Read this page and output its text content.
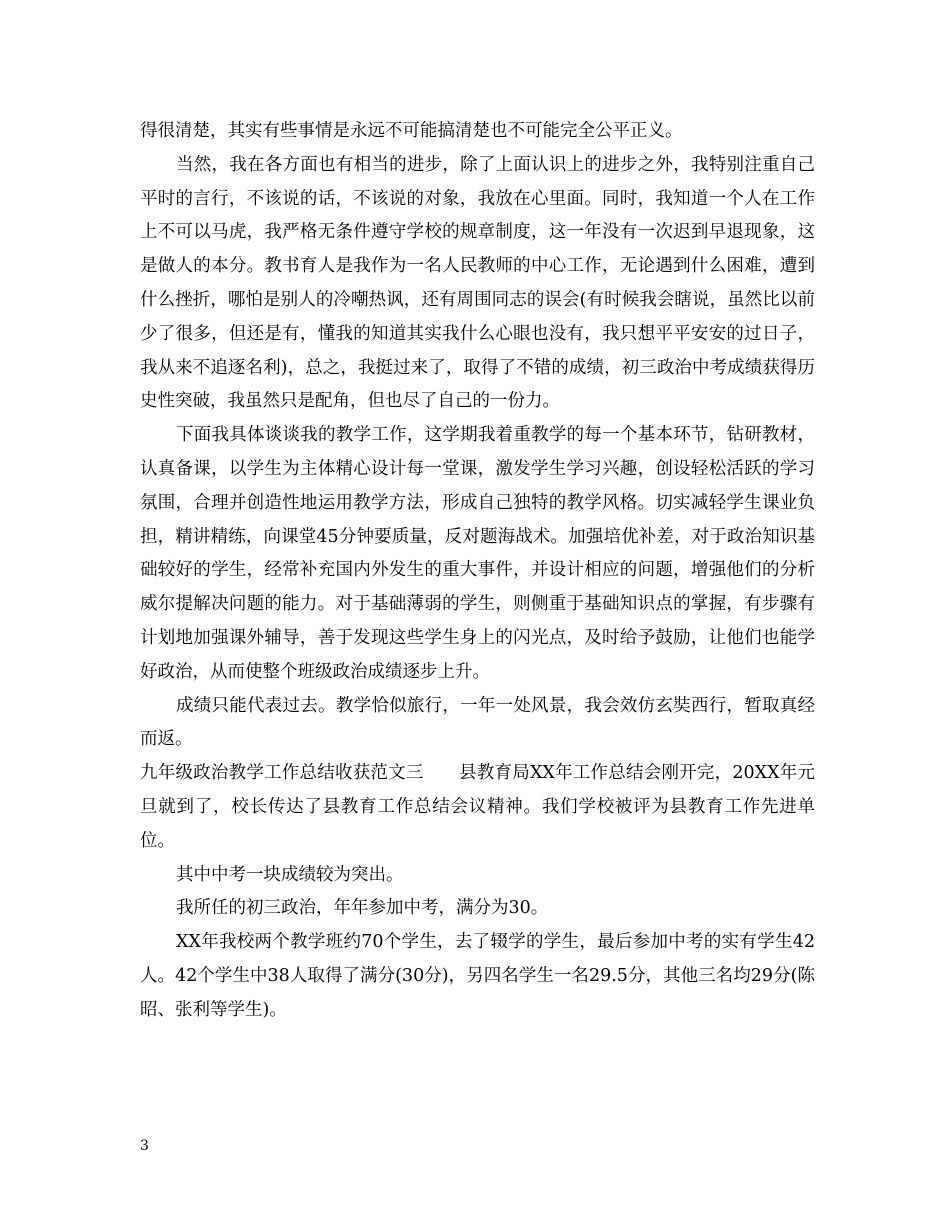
得很清楚，其实有些事情是永远不可能搞清楚也不可能完全公平正义。

当然，我在各方面也有相当的进步，除了上面认识上的进步之外，我特别注重自己平时的言行，不该说的话，不该说的对象，我放在心里面。同时，我知道一个人在工作上不可以马虎，我严格无条件遵守学校的规章制度，这一年没有一次迟到早退现象，这是做人的本分。教书育人是我作为一名人民教师的中心工作，无论遇到什么困难，遭到什么挫折，哪怕是别人的冷嘲热讽，还有周围同志的误会(有时候我会瞎说，虽然比以前少了很多，但还是有，懂我的知道其实我什么心眼也没有，我只想平平安安的过日子，我从来不追逐名利)，总之，我挺过来了，取得了不错的成绩，初三政治中考成绩获得历史性突破，我虽然只是配角，但也尽了自己的一份力。

下面我具体谈谈我的教学工作，这学期我着重教学的每一个基本环节，钻研教材，认真备课，以学生为主体精心设计每一堂课，激发学生学习兴趣，创设轻松活跃的学习氛围，合理并创造性地运用教学方法，形成自己独特的教学风格。切实减轻学生课业负担，精讲精练，向课堂45分钟要质量，反对题海战术。加强培优补差，对于政治知识基础较好的学生，经常补充国内外发生的重大事件，并设计相应的问题，增强他们的分析威尔提解决问题的能力。对于基础薄弱的学生，则侧重于基础知识点的掌握，有步骤有计划地加强课外辅导，善于发现这些学生身上的闪光点，及时给予鼓励，让他们也能学好政治，从而使整个班级政治成绩逐步上升。

成绩只能代表过去。教学恰似旅行，一年一处风景，我会效仿玄奘西行，暂取真经而返。

九年级政治教学工作总结收获范文三　　县教育局XX年工作总结会刚开完，20XX年元旦就到了，校长传达了县教育工作总结会议精神。我们学校被评为县教育工作先进单位。

其中中考一块成绩较为突出。

我所任的初三政治，年年参加中考，满分为30。

XX年我校两个教学班约70个学生，去了辍学的学生，最后参加中考的实有学生42人。42个学生中38人取得了满分(30分)，另四名学生一名29.5分，其他三名均29分(陈昭、张利等学生)。

3
